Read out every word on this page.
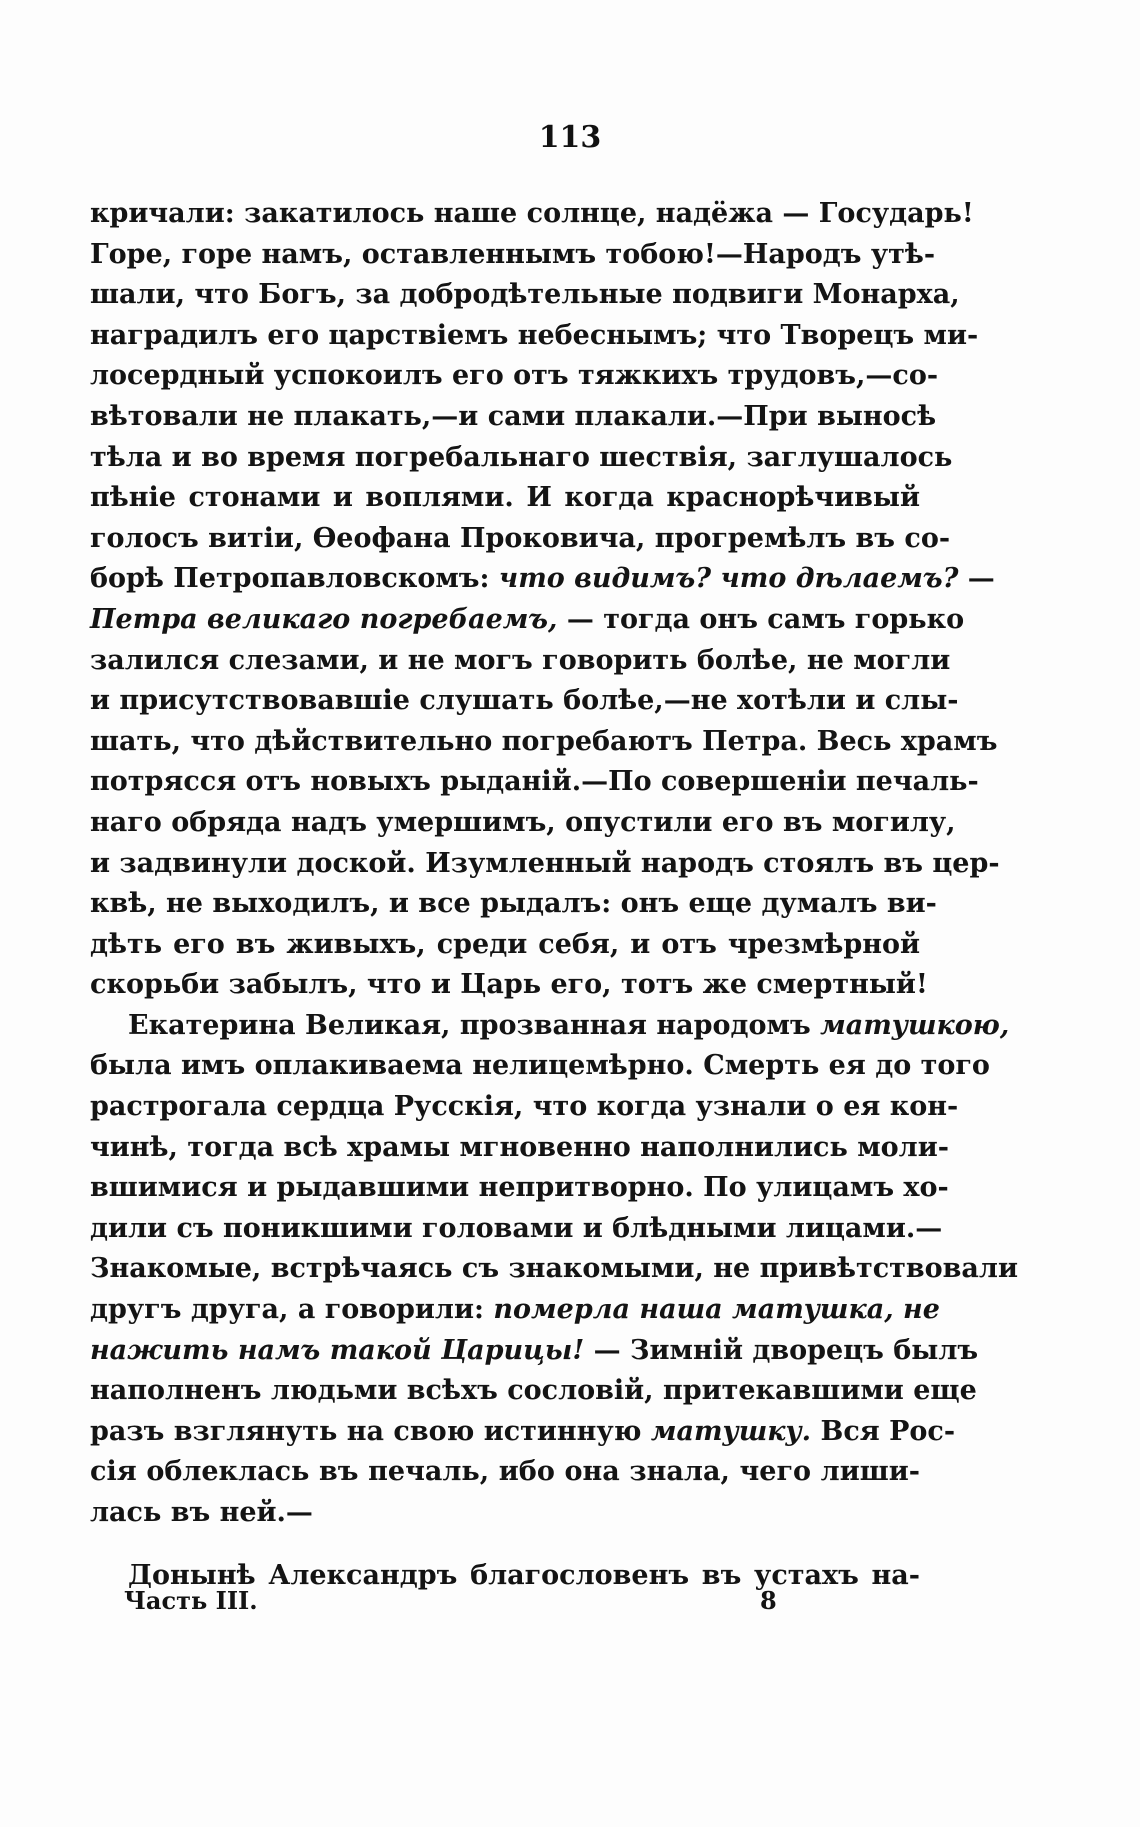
113
кричали: закатилось наше солнце, надёжа — Государь!
Горе, горе намъ, оставленнымъ тобою!—Народъ утѣ-
шали, что Богъ, за добродѣтельные подвиги Монарха,
наградилъ его царствіемъ небеснымъ; что Творецъ ми-
лосердный успокоилъ его отъ тяжкихъ трудовъ,—со-
вѣтовали не плакать,—и сами плакали.—При выносѣ
тѣла и во время погребальнаго шествія, заглушалось
пѣніе стонами и воплями. И когда краснорѣчивый
голосъ витіи, Өеофана Проковича, прогремѣлъ въ со-
борѣ Петропавловскомъ: что видимъ? что дѣлаемъ? —
Петра великаго погребаемъ, — тогда онъ самъ горько
залился слезами, и не могъ говорить болѣе, не могли
и присутствовавшіе слушать болѣе,—не хотѣли и слы-
шать, что дѣйствительно погребаютъ Петра. Весь храмъ
потрясся отъ новыхъ рыданій.—По совершеніи печаль-
наго обряда надъ умершимъ, опустили его въ могилу,
и задвинули доской. Изумленный народъ стоялъ въ цер-
квѣ, не выходилъ, и все рыдалъ: онъ еще думалъ ви-
дѣть его въ живыхъ, среди себя, и отъ чрезмѣрной
скорьби забылъ, что и Царь его, тотъ же смертный!
Екатерина Великая, прозванная народомъ матушкою,
была имъ оплакиваема нелицемѣрно. Смерть ея до того
растрогала сердца Русскія, что когда узнали о ея кон-
чинѣ, тогда всѣ храмы мгновенно наполнились моли-
вшимися и рыдавшими непритворно. По улицамъ хо-
дили съ поникшими головами и блѣдными лицами.—
Знакомые, встрѣчаясь съ знакомыми, не привѣтствовали
другъ друга, а говорили: померла наша матушка, не
нажить намъ такой Царицы! — Зимній дворецъ былъ
наполненъ людьми всѣхъ сословій, притекавшими еще
разъ взглянуть на свою истинную матушку. Вся Рос-
сія облеклась въ печаль, ибо она знала, чего лиши-
лась въ ней.—
Донынѣ Александръ благословенъ въ устахъ на-
Часть III.	8
